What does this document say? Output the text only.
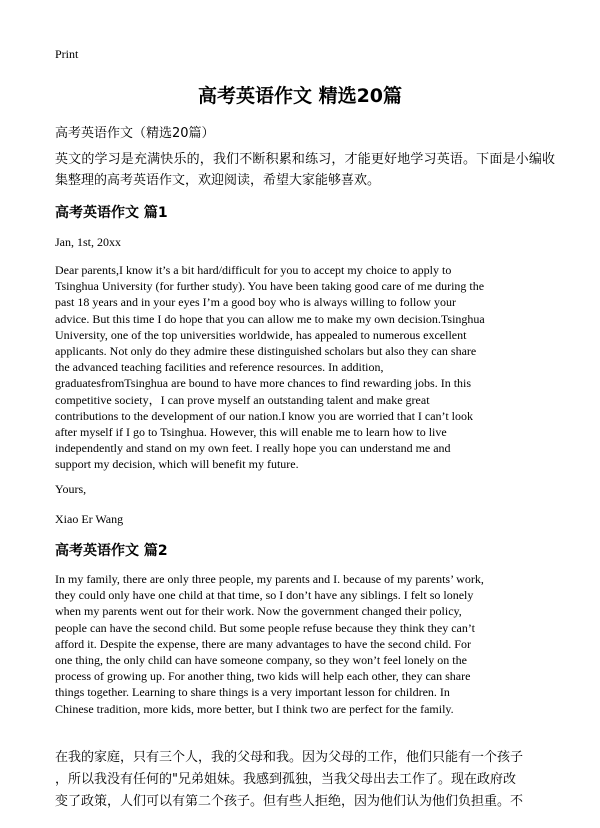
Print
高考英语作文 精选20篇
高考英语作文（精选20篇）
英文的学习是充满快乐的，我们不断积累和练习，才能更好地学习英语。下面是小编收集整理的高考英语作文，欢迎阅读，希望大家能够喜欢。
高考英语作文 篇1
Jan, 1st, 20xx
Dear parents,I know it’s a bit hard/difficult for you to accept my choice to apply to
Tsinghua University (for further study). You have been taking good care of me during the
past 18 years and in your eyes I’m a good boy who is always willing to follow your
advice. But this time I do hope that you can allow me to make my own decision.Tsinghua
University, one of the top universities worldwide, has appealed to numerous excellent
applicants. Not only do they admire these distinguished scholars but also they can share
the advanced teaching facilities and reference resources. In addition,
graduatesfromTsinghua are bound to have more chances to find rewarding jobs. In this
competitive society，I can prove myself an outstanding talent and make great
contributions to the development of our nation.I know you are worried that I can’t look
after myself if I go to Tsinghua. However, this will enable me to learn how to live
independently and stand on my own feet. I really hope you can understand me and
support my decision, which will benefit my future.
Yours,
Xiao Er Wang
高考英语作文 篇2
In my family, there are only three people, my parents and I. because of my parents’ work,
they could only have one child at that time, so I don’t have any siblings. I felt so lonely
when my parents went out for their work. Now the government changed their policy,
people can have the second child. But some people refuse because they think they can’t
afford it. Despite the expense, there are many advantages to have the second child. For
one thing, the only child can have someone company, so they won’t feel lonely on the
process of growing up. For another thing, two kids will help each other, they can share
things together. Learning to share things is a very important lesson for children. In
Chinese tradition, more kids, more better, but I think two are perfect for the family.
在我的家庭，只有三个人，我的父母和我。因为父母的工作，他们只能有一个孩子
，所以我没有任何的"兄弟姐妹。我感到孤独，当我父母出去工作了。现在政府改
变了政策，人们可以有第二个孩子。但有些人拒绝，因为他们认为他们负担重。不
